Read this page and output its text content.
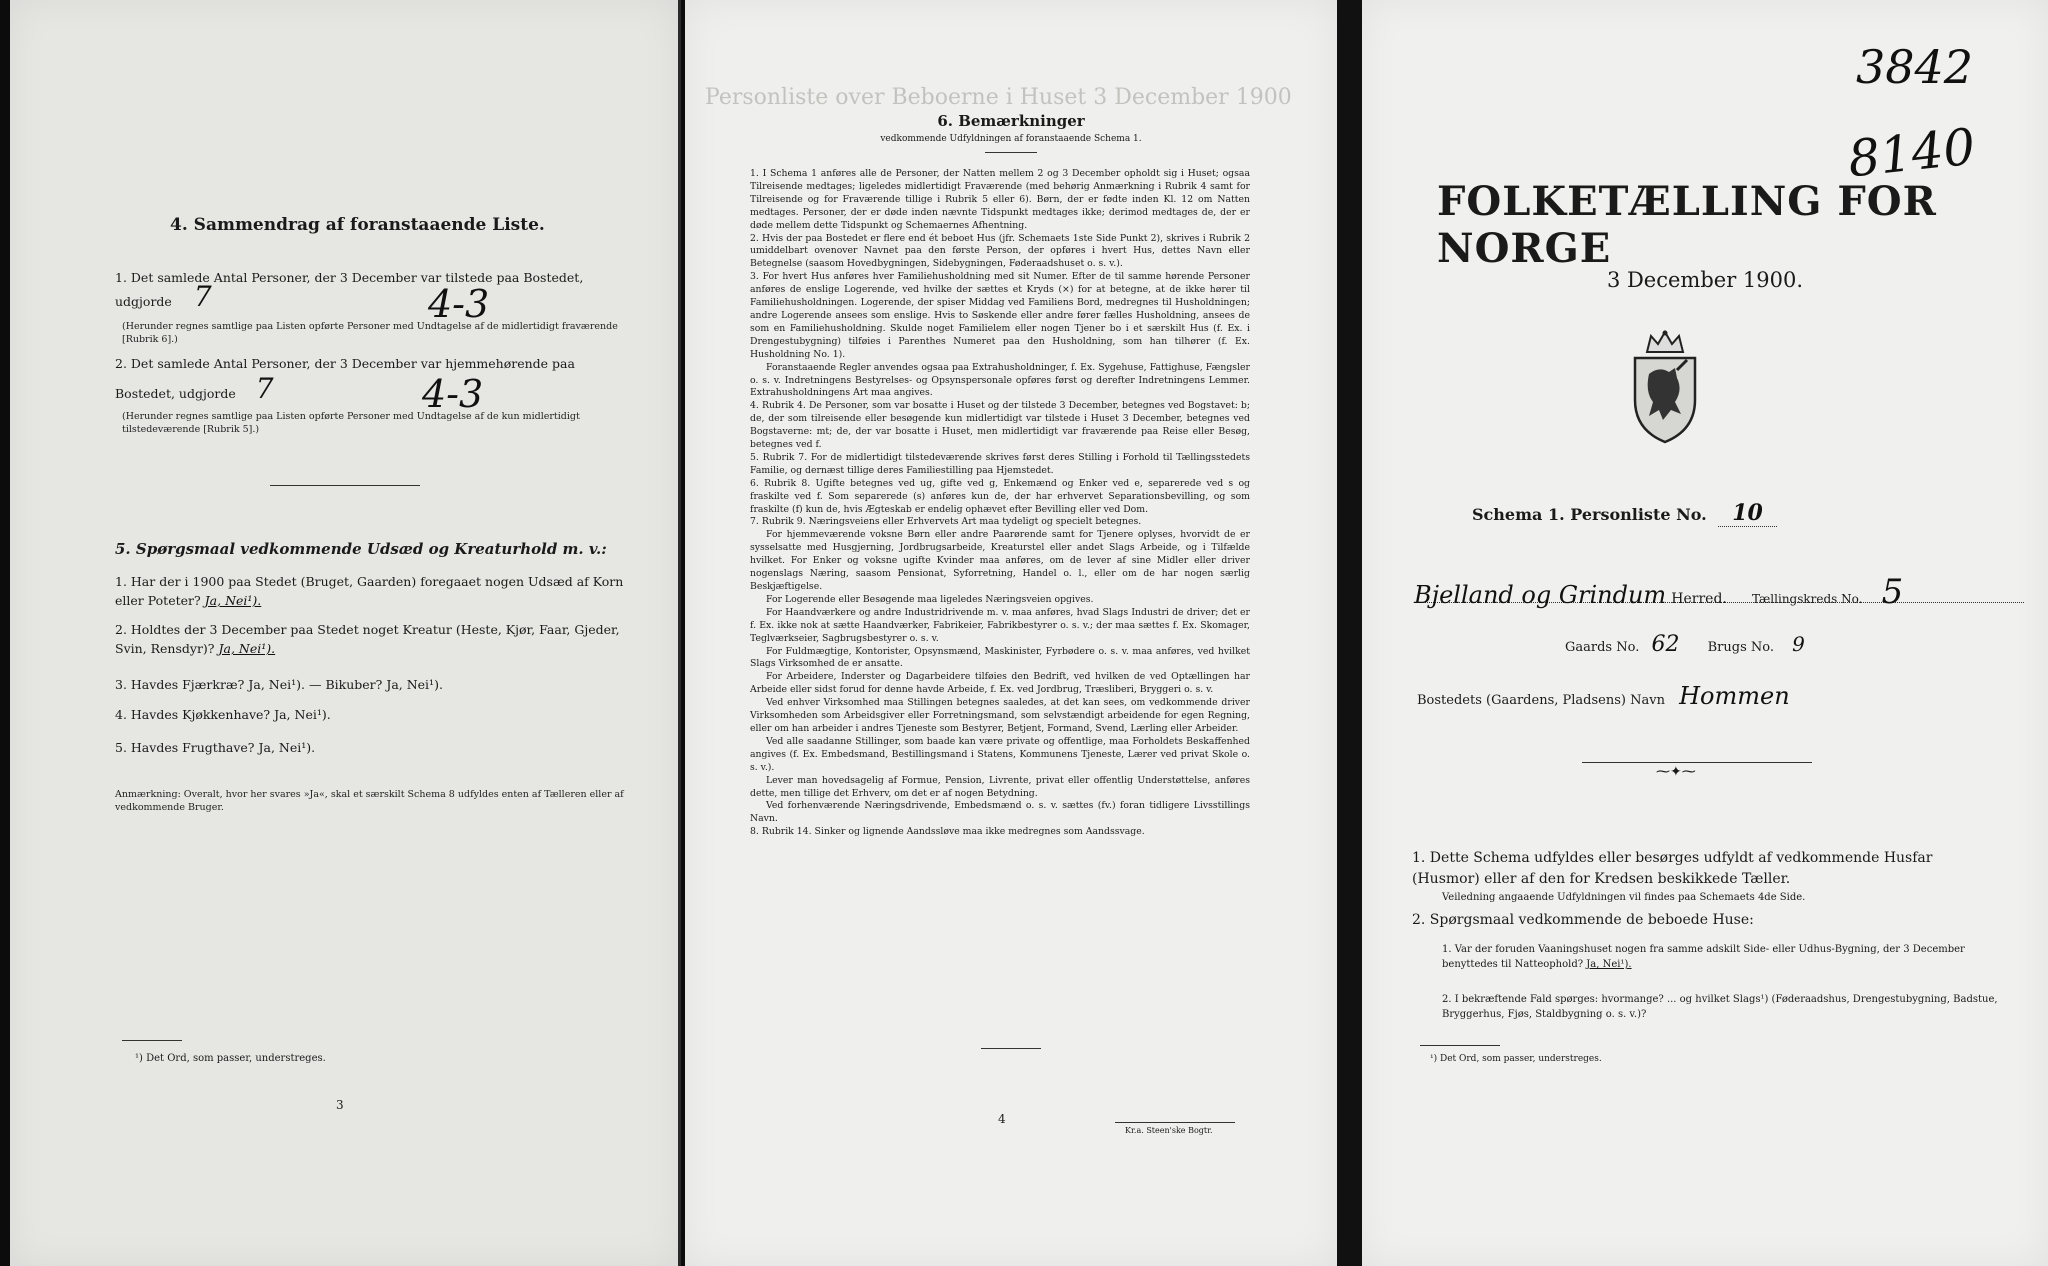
4. Sammendrag af foranstaaende Liste.
1. Det samlede Antal Personer, der 3 December var tilstede paa Bostedet,
udgjorde 7	4-3
(Herunder regnes samtlige paa Listen opførte Personer med Undtagelse af de midlertidigt fraværende [Rubrik 6].)
2. Det samlede Antal Personer, der 3 December var hjemmehørende paa
Bostedet, udgjorde 7	4-3
(Herunder regnes samtlige paa Listen opførte Personer med Undtagelse af de kun midlertidigt tilstedeværende [Rubrik 5].)
5. Spørgsmaal vedkommende Udsæd og Kreaturhold m. v.:
1. Har der i 1900 paa Stedet (Bruget, Gaarden) foregaaet nogen Udsæd af Korn eller Poteter? Ja, Nei¹).
2. Holdtes der 3 December paa Stedet noget Kreatur (Heste, Kjør, Faar, Gjeder, Svin, Rensdyr)? Ja, Nei¹).
3. Havdes Fjærkræ? Ja, Nei¹). — Bikuber? Ja, Nei¹).
4. Havdes Kjøkkenhave? Ja, Nei¹).
5. Havdes Frugthave? Ja, Nei¹).
Anmærkning: Overalt, hvor her svares »Ja«, skal et særskilt Schema 8 udfyldes enten af Tælleren eller af vedkommende Bruger.
¹) Det Ord, som passer, understreges.
3
Personliste over Beboerne i Huset 3 December 1900
6. Bemærkninger
vedkommende Udfyldningen af foranstaaende Schema 1.

1. I Schema 1 anføres alle de Personer, der Natten mellem 2 og 3 December opholdt sig i Huset; ogsaa Tilreisende medtages; ligeledes midlertidigt Fraværende (med behørig Anmærkning i Rubrik 4 samt for Tilreisende og for Fraværende tillige i Rubrik 5 eller 6). Børn, der er fødte inden Kl. 12 om Natten medtages. Personer, der er døde inden nævnte Tidspunkt medtages ikke; derimod medtages de, der er døde mellem dette Tidspunkt og Schemaernes Afhentning.

2. Hvis der paa Bostedet er flere end ét beboet Hus (jfr. Schemaets 1ste Side Punkt 2), skrives i Rubrik 2 umiddelbart ovenover Navnet paa den første Person, der opføres i hvert Hus, dettes Navn eller Betegnelse (saasom Hovedbygningen, Sidebygningen, Føderaadshuset o. s. v.).

3. For hvert Hus anføres hver Familiehusholdning med sit Numer. Efter de til samme hørende Personer anføres de enslige Logerende, ved hvilke der sættes et Kryds (×) for at betegne, at de ikke hører til Familiehusholdningen. Logerende, der spiser Middag ved Familiens Bord, medregnes til Husholdningen; andre Logerende ansees som enslige. Hvis to Søskende eller andre fører fælles Husholdning, ansees de som en Familiehusholdning. Skulde noget Familielem eller nogen Tjener bo i et særskilt Hus (f. Ex. i Drengestubygning) tilføies i Parenthes Numeret paa den Husholdning, som han tilhører (f. Ex. Husholdning No. 1).

Foranstaaende Regler anvendes ogsaa paa Extrahusholdninger, f. Ex. Sygehuse, Fattighuse, Fængsler o. s. v. Indretningens Bestyrelses- og Opsynspersonale opføres først og derefter Indretningens Lemmer. Extrahusholdningens Art maa angives.

4. Rubrik 4. De Personer, som var bosatte i Huset og der tilstede 3 December, betegnes ved Bogstavet: b; de, der som tilreisende eller besøgende kun midlertidigt var tilstede i Huset 3 December, betegnes ved Bogstaverne: mt; de, der var bosatte i Huset, men midlertidigt var fraværende paa Reise eller Besøg, betegnes ved f.

5. Rubrik 7. For de midlertidigt tilstedeværende skrives først deres Stilling i Forhold til Tællingsstedets Familie, og dernæst tillige deres Familiestilling paa Hjemstedet.

6. Rubrik 8. Ugifte betegnes ved ug, gifte ved g, Enkemænd og Enker ved e, separerede ved s og fraskilte ved f. Som separerede (s) anføres kun de, der har erhvervet Separationsbevilling, og som fraskilte (f) kun de, hvis Ægteskab er endelig ophævet efter Bevilling eller ved Dom.

7. Rubrik 9. Næringsveiens eller Erhvervets Art maa tydeligt og specielt betegnes.

For hjemmeværende voksne Børn eller andre Paarørende samt for Tjenere oplyses, hvorvidt de er sysselsatte med Husgjerning, Jordbrugsarbeide, Kreaturstel eller andet Slags Arbeide, og i Tilfælde hvilket. For Enker og voksne ugifte Kvinder maa anføres, om de lever af sine Midler eller driver nogenslags Næring, saasom Pensionat, Syforretning, Handel o. l., eller om de har nogen særlig Beskjæftigelse.

For Logerende eller Besøgende maa ligeledes Næringsveien opgives.

For Haandværkere og andre Industridrivende m. v. maa anføres, hvad Slags Industri de driver; det er f. Ex. ikke nok at sætte Haandværker, Fabrikeier, Fabrikbestyrer o. s. v.; der maa sættes f. Ex. Skomager, Teglværkseier, Sagbrugsbestyrer o. s. v.

For Fuldmægtige, Kontorister, Opsynsmænd, Maskinister, Fyrbødere o. s. v. maa anføres, ved hvilket Slags Virksomhed de er ansatte.

For Arbeidere, Inderster og Dagarbeidere tilføies den Bedrift, ved hvilken de ved Optællingen har Arbeide eller sidst forud for denne havde Arbeide, f. Ex. ved Jordbrug, Træsliberi, Bryggeri o. s. v.

Ved enhver Virksomhed maa Stillingen betegnes saaledes, at det kan sees, om vedkommende driver Virksomheden som Arbeidsgiver eller Forretningsmand, som selvstændigt arbeidende for egen Regning, eller om han arbeider i andres Tjeneste som Bestyrer, Betjent, Formand, Svend, Lærling eller Arbeider.

Ved alle saadanne Stillinger, som baade kan være private og offentlige, maa Forholdets Beskaffenhed angives (f. Ex. Embedsmand, Bestillingsmand i Statens, Kommunens Tjeneste, Lærer ved privat Skole o. s. v.).

Lever man hovedsagelig af Formue, Pension, Livrente, privat eller offentlig Understøttelse, anføres dette, men tillige det Erhverv, om det er af nogen Betydning.

Ved forhenværende Næringsdrivende, Embedsmænd o. s. v. sættes (fv.) foran tidligere Livsstillings Navn.

8. Rubrik 14. Sinker og lignende Aandssløve maa ikke medregnes som Aandssvage.

4
Kr.a. Steen'ske Bogtr.
3842
8140
FOLKETÆLLING FOR NORGE
3 December 1900.
Schema 1. Personliste No. 10
Bjelland og Grindum Herred. Tællingskreds No. 5
Gaards No. 62 Brugs No. 9
Bostedets (Gaardens, Pladsens) Navn Hommen
⁓✦⁓
1. Dette Schema udfyldes eller besørges udfyldt af vedkommende Husfar (Husmor) eller af den for Kredsen beskikkede Tæller.
Veiledning angaaende Udfyldningen vil findes paa Schemaets 4de Side.
2. Spørgsmaal vedkommende de beboede Huse:
1. Var der foruden Vaaningshuset nogen fra samme adskilt Side- eller Udhus-Bygning, der 3 December benyttedes til Natteophold? Ja, Nei¹).
2. I bekræftende Fald spørges: hvormange? ... og hvilket Slags¹) (Føderaadshus, Drengestubygning, Badstue, Bryggerhus, Fjøs, Staldbygning o. s. v.)?
¹) Det Ord, som passer, understreges.
